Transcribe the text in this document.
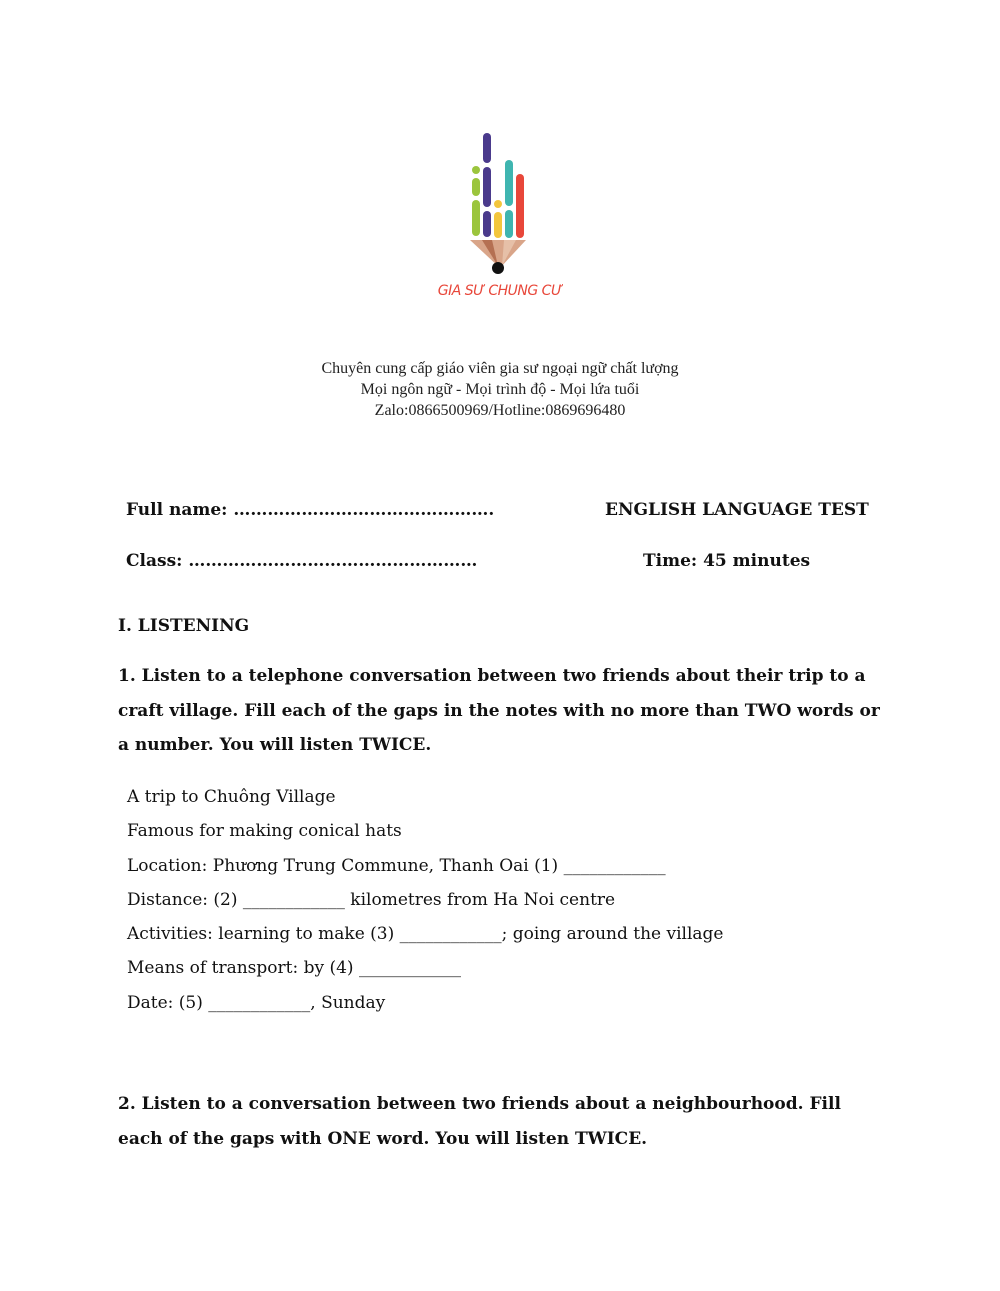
GIA SƯ CHUNG CƯ
Chuyên cung cấp giáo viên gia sư ngoại ngữ chất lượng
Mọi ngôn ngữ - Mọi trình độ - Mọi lứa tuổi
Zalo:0866500969/Hotline:0869696480
Full name: ……………………………………….	ENGLISH LANGUAGE TEST
Class: ……………………………………………	Time: 45 minutes
I. LISTENING
1. Listen to a telephone conversation between two friends about their trip to a craft village. Fill each of the gaps in the notes with no more than TWO words or a number. You will listen TWICE.
A trip to Chuông Village
Famous for making conical hats
Location: Phương Trung Commune, Thanh Oai (1) ____________
Distance: (2) ____________ kilometres from Ha Noi centre
Activities: learning to make (3) ____________; going around the village
Means of transport: by (4) ____________
Date: (5) ____________, Sunday
2. Listen to a conversation between two friends about a neighbourhood. Fill each of the gaps with ONE word. You will listen TWICE.
